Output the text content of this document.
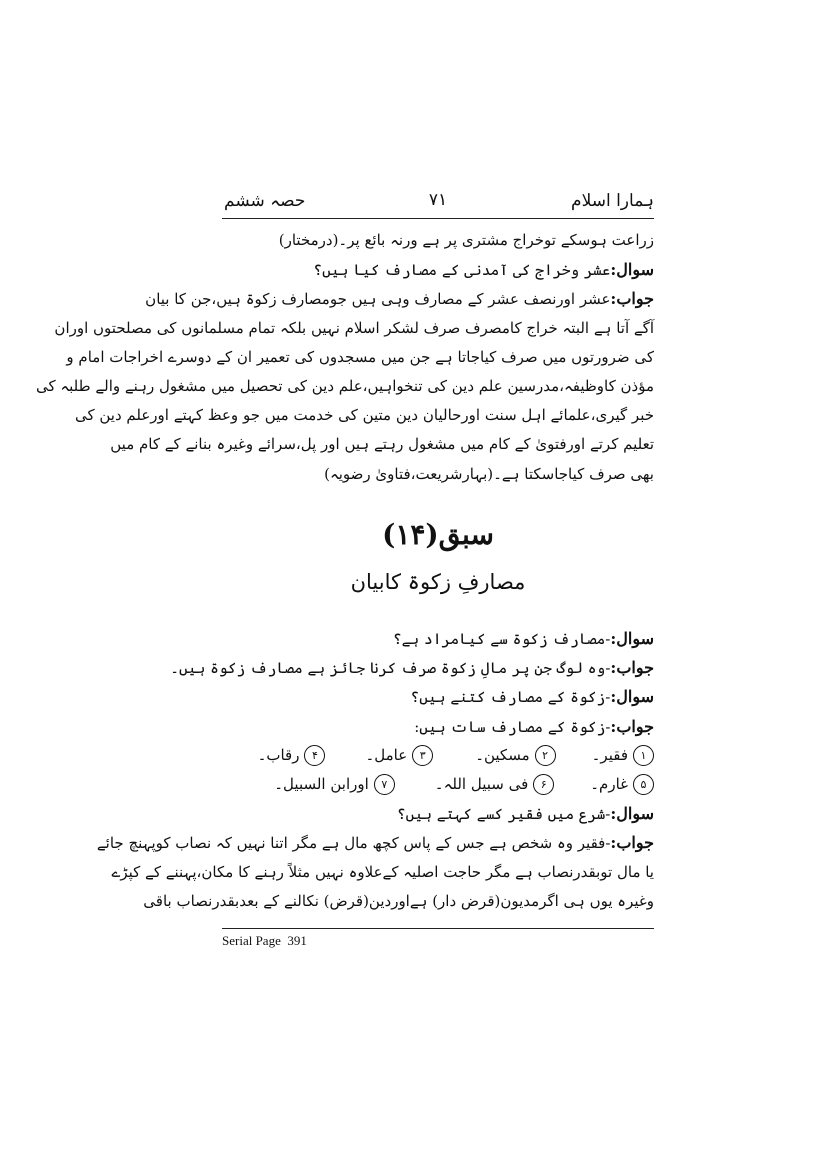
ہمارا اسلام
۷۱
حصہ ششم
زراعت ہوسکے توخراج مشتری پر ہے ورنہ بائع پر۔(درمختار)
سوال:عشر وخراج کی آمدنی کے مصارف کیا ہیں؟
جواب:عشر اورنصف عشر کے مصارف وہی ہیں جومصارف زکوۃ ہیں،جن کا بیان
آگے آتا ہے البتہ خراج کامصرف صرف لشکر اسلام نہیں بلکہ تمام مسلمانوں کی مصلحتوں اوران
کی ضرورتوں میں صرف کیاجاتا ہے جن میں مسجدوں کی تعمیر ان کے دوسرے اخراجات امام و
مؤذن کاوظیفہ،مدرسین علم دین کی تنخواہیں،علم دین کی تحصیل میں مشغول رہنے والے طلبہ کی
خبر گیری،علمائے اہل سنت اورحالیان دین متین کی خدمت میں جو وعظ کہتے اورعلم دین کی
تعلیم کرتے اورفتویٰ کے کام میں مشغول رہتے ہیں اور پل،سرائے وغیرہ بنانے کے کام میں
بھی صرف کیاجاسکتا ہے۔(بہارشریعت،فتاویٰ رضویہ)
سبق(۱۴)
مصارفِ زکوۃ کابیان
سوال:-مصارف زکوۃ سے کیامراد ہے؟
جواب:-وہ لوگ جن پر مالِ زکوۃ صرف کرنا جائز ہے مصارف زکوۃ ہیں۔
سوال:-زکوۃ کے مصارف کتنے ہیں؟
جواب:-زکوۃ کے مصارف سات ہیں:
۱
فقیر۔
۲
مسکین۔
۳
عامل۔
۴
رقاب۔
۵
غارم۔
۶
فی سبیل اللہ۔
۷
اورابن السبیل۔
سوال:-شرع میں فقیر کسے کہتے ہیں؟
جواب:-فقیر وہ شخص ہے جس کے پاس کچھ مال ہے مگر اتنا نہیں کہ نصاب کوپہنچ جائے
یا مال توبقدرنصاب ہے مگر حاجت اصلیہ کےعلاوہ نہیں مثلاً رہنے کا مکان،پہننے کے کپڑے
وغیرہ یوں ہی اگرمدیون(قرض دار) ہےاوردین(قرض) نکالنے کے بعدبقدرنصاب باقی
Serial Page 391
